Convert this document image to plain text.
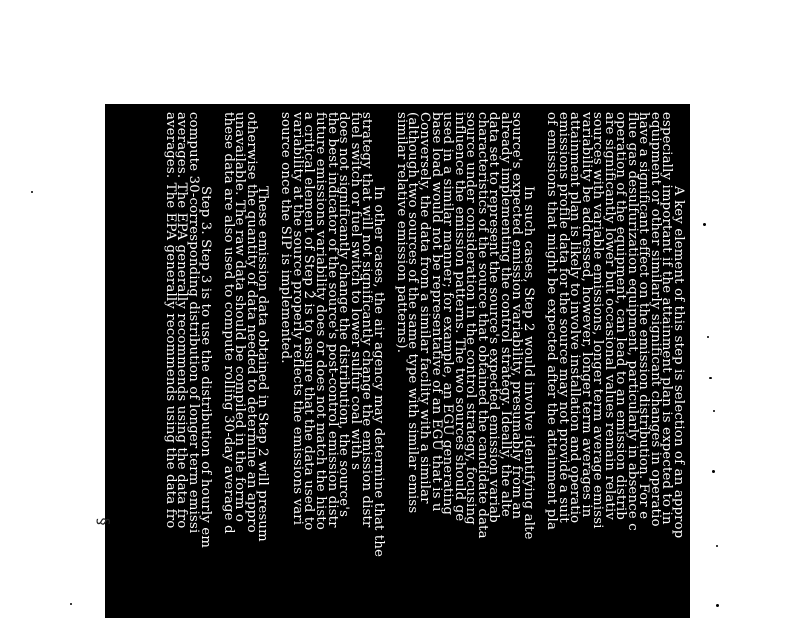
A key element of this step is selection of an approp
especially important if the attainment plan is expected to in
equipment or other similarly significant changes in operatio
have a significant effect on the emission distribution. For e
flue gas desulfurization equipment, particularly in absence c
operation of the equipment, can lead to an emission distrib
are significantly lower but occasional values remain relativ
sources with variable emissions, longer term average emissi
variability be addressed, however, longer term averages in
attainment plan is likely to involve installation and operatio
emissions profile data for the source may not provide a suit
of emissions that might be expected after the attainment pla
In such cases, Step 2 would involve identifying alte
source's expected emission variability, presumably from an
already implementing the control strategy. Ideally, the alte
data set to represent the source's expected emission variab
characteristics of the source that obtained the candidate data
source under consideration in the control strategy, focusing
influence the emission patterns. The two sources should ge
used in a similar manner; for example, an EGU generating
base load would not be representative of an EGU that is u
Conversely, the data from a similar facility with a similar
(although two sources of the same type with similar emiss
similar relative emission patterns).
In other cases, the air agency may determine that the
strategy that will not significantly change the emission distr
fuel switch or fuel switch to lower sulfur coal with s
does not significantly change the distribution, the source's
the best indicator of the source's post-control emission distr
future emissions variability does or does not match the histo
a critical element of Step 2 is to assure that the data used to
variability at the source properly reflects the emissions vari
source once the SIP is implemented.
These emission data obtained in Step 2 will presum
otherwise the quantity of data needed to determine an appro
unavailable. The raw data should be compiled in the form o
these data are also used to compute rolling 30-day average d
Step 3. Step 3 is to use the distribution of hourly em
compute 30-corresponding distribution of longer term emissi
averages. The EPA generally recommends using the data fro
averages. The EPA generally recommends using the data fro
§
